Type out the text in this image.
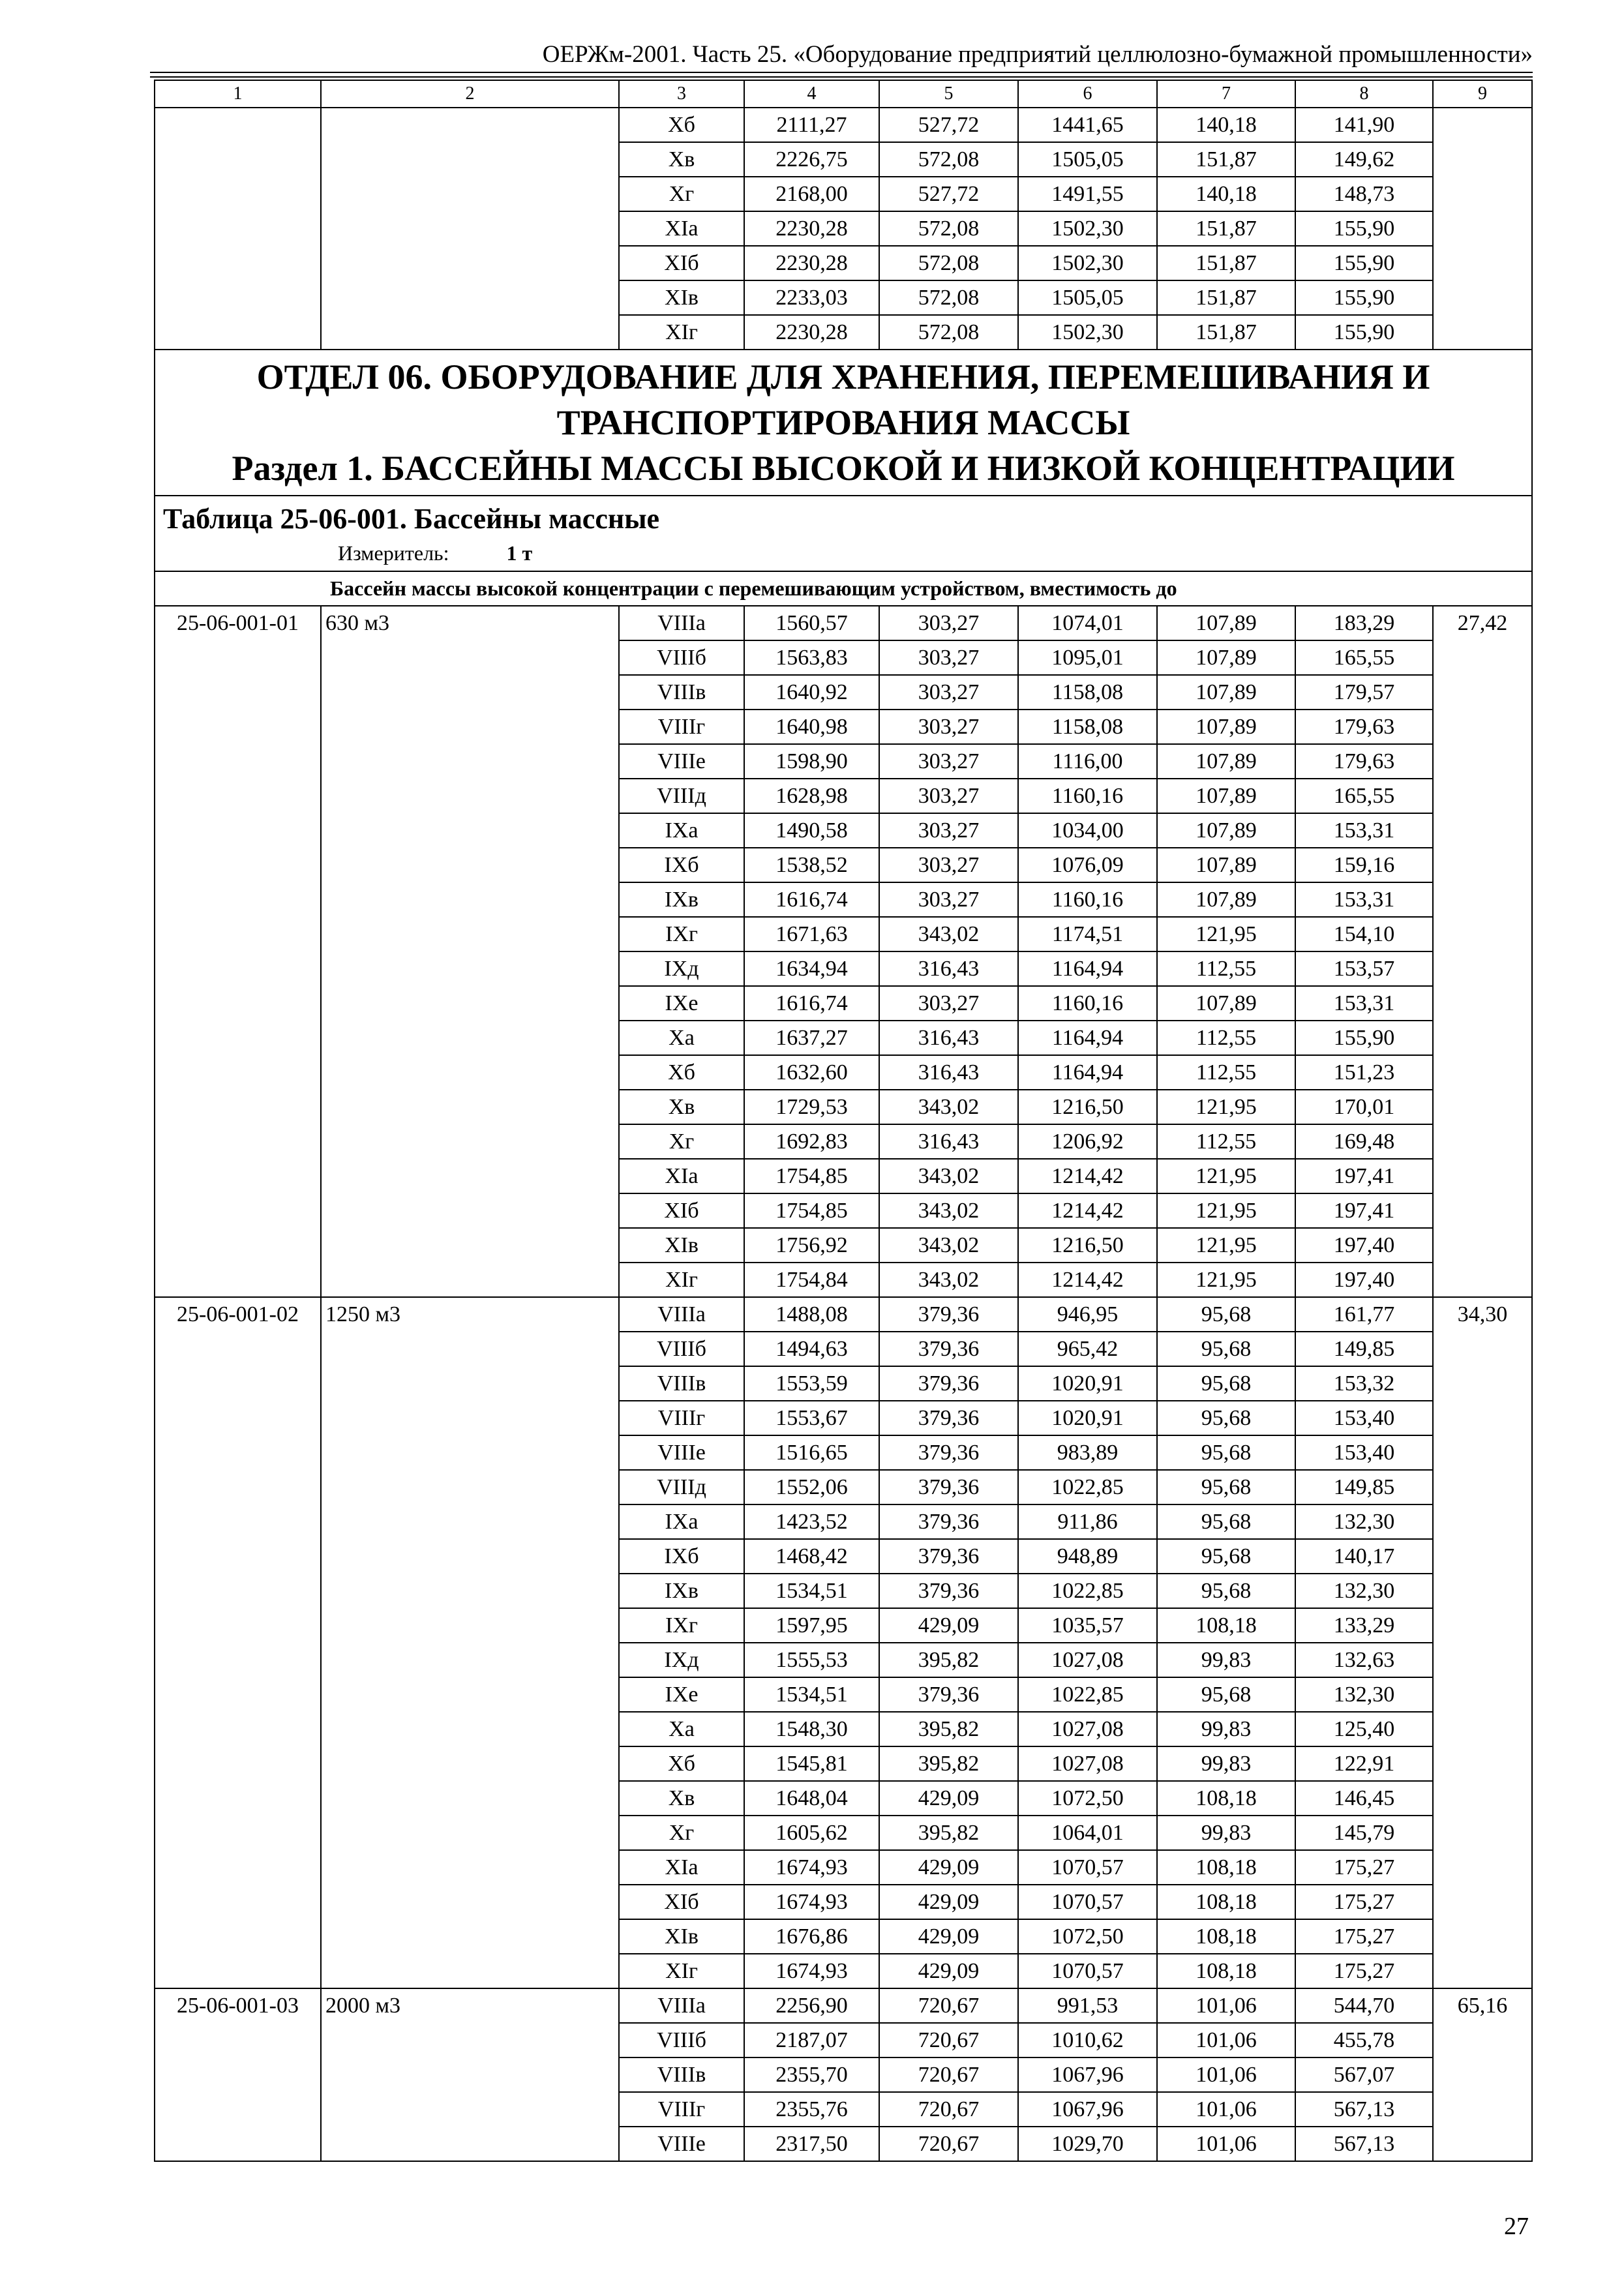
ОЕРЖм-2001. Часть 25. «Оборудование предприятий целлюлозно-бумажной промышленности»
1	2	3	4	5	6	7	8	9
		Xб	2111,27	527,72	1441,65	140,18	141,90	
		Xв	2226,75	572,08	1505,05	151,87	149,62	
		Xг	2168,00	527,72	1491,55	140,18	148,73	
		XIа	2230,28	572,08	1502,30	151,87	155,90	
		XIб	2230,28	572,08	1502,30	151,87	155,90	
		XIв	2233,03	572,08	1505,05	151,87	155,90	
		XIг	2230,28	572,08	1502,30	151,87	155,90	

ОТДЕЛ 06. ОБОРУДОВАНИЕ ДЛЯ ХРАНЕНИЯ, ПЕРЕМЕШИВАНИЯ И
ТРАНСПОРТИРОВАНИЯ МАССЫ
Раздел 1. БАССЕЙНЫ МАССЫ ВЫСОКОЙ И НИЗКОЙ КОНЦЕНТРАЦИИ								

Таблица 25-06-001. Бассейны массные
Измеритель: 1 т								

Бассейн массы высокой концентрации с перемешивающим устройством, вместимость до								
25-06-001-01	630 м3	VIIIа	1560,57	303,27	1074,01	107,89	183,29	27,42
		VIIIб	1563,83	303,27	1095,01	107,89	165,55	
		VIIIв	1640,92	303,27	1158,08	107,89	179,57	
		VIIIг	1640,98	303,27	1158,08	107,89	179,63	
		VIIIе	1598,90	303,27	1116,00	107,89	179,63	
		VIIIд	1628,98	303,27	1160,16	107,89	165,55	
		IXа	1490,58	303,27	1034,00	107,89	153,31	
		IXб	1538,52	303,27	1076,09	107,89	159,16	
		IXв	1616,74	303,27	1160,16	107,89	153,31	
		IXг	1671,63	343,02	1174,51	121,95	154,10	
		IXд	1634,94	316,43	1164,94	112,55	153,57	
		IXе	1616,74	303,27	1160,16	107,89	153,31	
		Xа	1637,27	316,43	1164,94	112,55	155,90	
		Xб	1632,60	316,43	1164,94	112,55	151,23	
		Xв	1729,53	343,02	1216,50	121,95	170,01	
		Xг	1692,83	316,43	1206,92	112,55	169,48	
		XIа	1754,85	343,02	1214,42	121,95	197,41	
		XIб	1754,85	343,02	1214,42	121,95	197,41	
		XIв	1756,92	343,02	1216,50	121,95	197,40	
		XIг	1754,84	343,02	1214,42	121,95	197,40	
25-06-001-02	1250 м3	VIIIа	1488,08	379,36	946,95	95,68	161,77	34,30
		VIIIб	1494,63	379,36	965,42	95,68	149,85	
		VIIIв	1553,59	379,36	1020,91	95,68	153,32	
		VIIIг	1553,67	379,36	1020,91	95,68	153,40	
		VIIIе	1516,65	379,36	983,89	95,68	153,40	
		VIIIд	1552,06	379,36	1022,85	95,68	149,85	
		IXа	1423,52	379,36	911,86	95,68	132,30	
		IXб	1468,42	379,36	948,89	95,68	140,17	
		IXв	1534,51	379,36	1022,85	95,68	132,30	
		IXг	1597,95	429,09	1035,57	108,18	133,29	
		IXд	1555,53	395,82	1027,08	99,83	132,63	
		IXе	1534,51	379,36	1022,85	95,68	132,30	
		Xа	1548,30	395,82	1027,08	99,83	125,40	
		Xб	1545,81	395,82	1027,08	99,83	122,91	
		Xв	1648,04	429,09	1072,50	108,18	146,45	
		Xг	1605,62	395,82	1064,01	99,83	145,79	
		XIа	1674,93	429,09	1070,57	108,18	175,27	
		XIб	1674,93	429,09	1070,57	108,18	175,27	
		XIв	1676,86	429,09	1072,50	108,18	175,27	
		XIг	1674,93	429,09	1070,57	108,18	175,27	
25-06-001-03	2000 м3	VIIIа	2256,90	720,67	991,53	101,06	544,70	65,16
		VIIIб	2187,07	720,67	1010,62	101,06	455,78	
		VIIIв	2355,70	720,67	1067,96	101,06	567,07	
		VIIIг	2355,76	720,67	1067,96	101,06	567,13	
		VIIIе	2317,50	720,67	1029,70	101,06	567,13	
27
